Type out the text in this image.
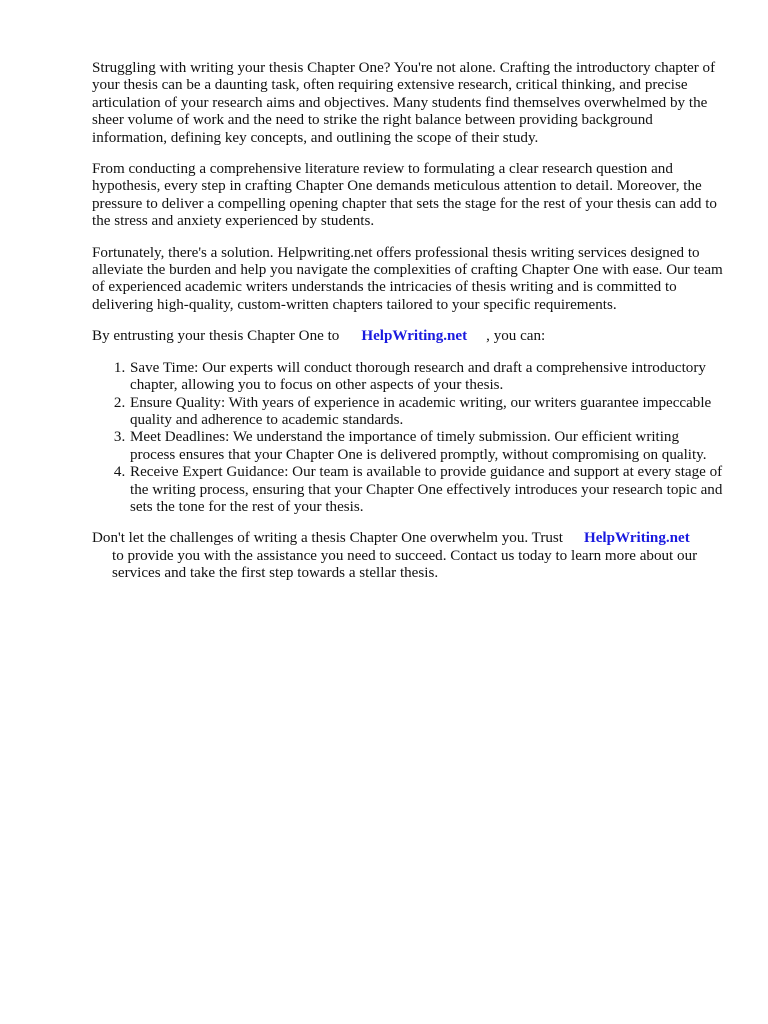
Struggling with writing your thesis Chapter One? You're not alone. Crafting the introductory chapter of your thesis can be a daunting task, often requiring extensive research, critical thinking, and precise articulation of your research aims and objectives. Many students find themselves overwhelmed by the sheer volume of work and the need to strike the right balance between providing background information, defining key concepts, and outlining the scope of their study.

From conducting a comprehensive literature review to formulating a clear research question and hypothesis, every step in crafting Chapter One demands meticulous attention to detail. Moreover, the pressure to deliver a compelling opening chapter that sets the stage for the rest of your thesis can add to the stress and anxiety experienced by students.

Fortunately, there's a solution. Helpwriting.net offers professional thesis writing services designed to alleviate the burden and help you navigate the complexities of crafting Chapter One with ease. Our team of experienced academic writers understands the intricacies of thesis writing and is committed to delivering high-quality, custom-written chapters tailored to your specific requirements.

By entrusting your thesis Chapter One to HelpWriting.net , you can:

1. Save Time: Our experts will conduct thorough research and draft a comprehensive introductory chapter, allowing you to focus on other aspects of your thesis.
2. Ensure Quality: With years of experience in academic writing, our writers guarantee impeccable quality and adherence to academic standards.
3. Meet Deadlines: We understand the importance of timely submission. Our efficient writing process ensures that your Chapter One is delivered promptly, without compromising on quality.
4. Receive Expert Guidance: Our team is available to provide guidance and support at every stage of the writing process, ensuring that your Chapter One effectively introduces your research topic and sets the tone for the rest of your thesis.

Don't let the challenges of writing a thesis Chapter One overwhelm you. Trust HelpWriting.net
to provide you with the assistance you need to succeed. Contact us today to learn more about our services and take the first step towards a stellar thesis.
